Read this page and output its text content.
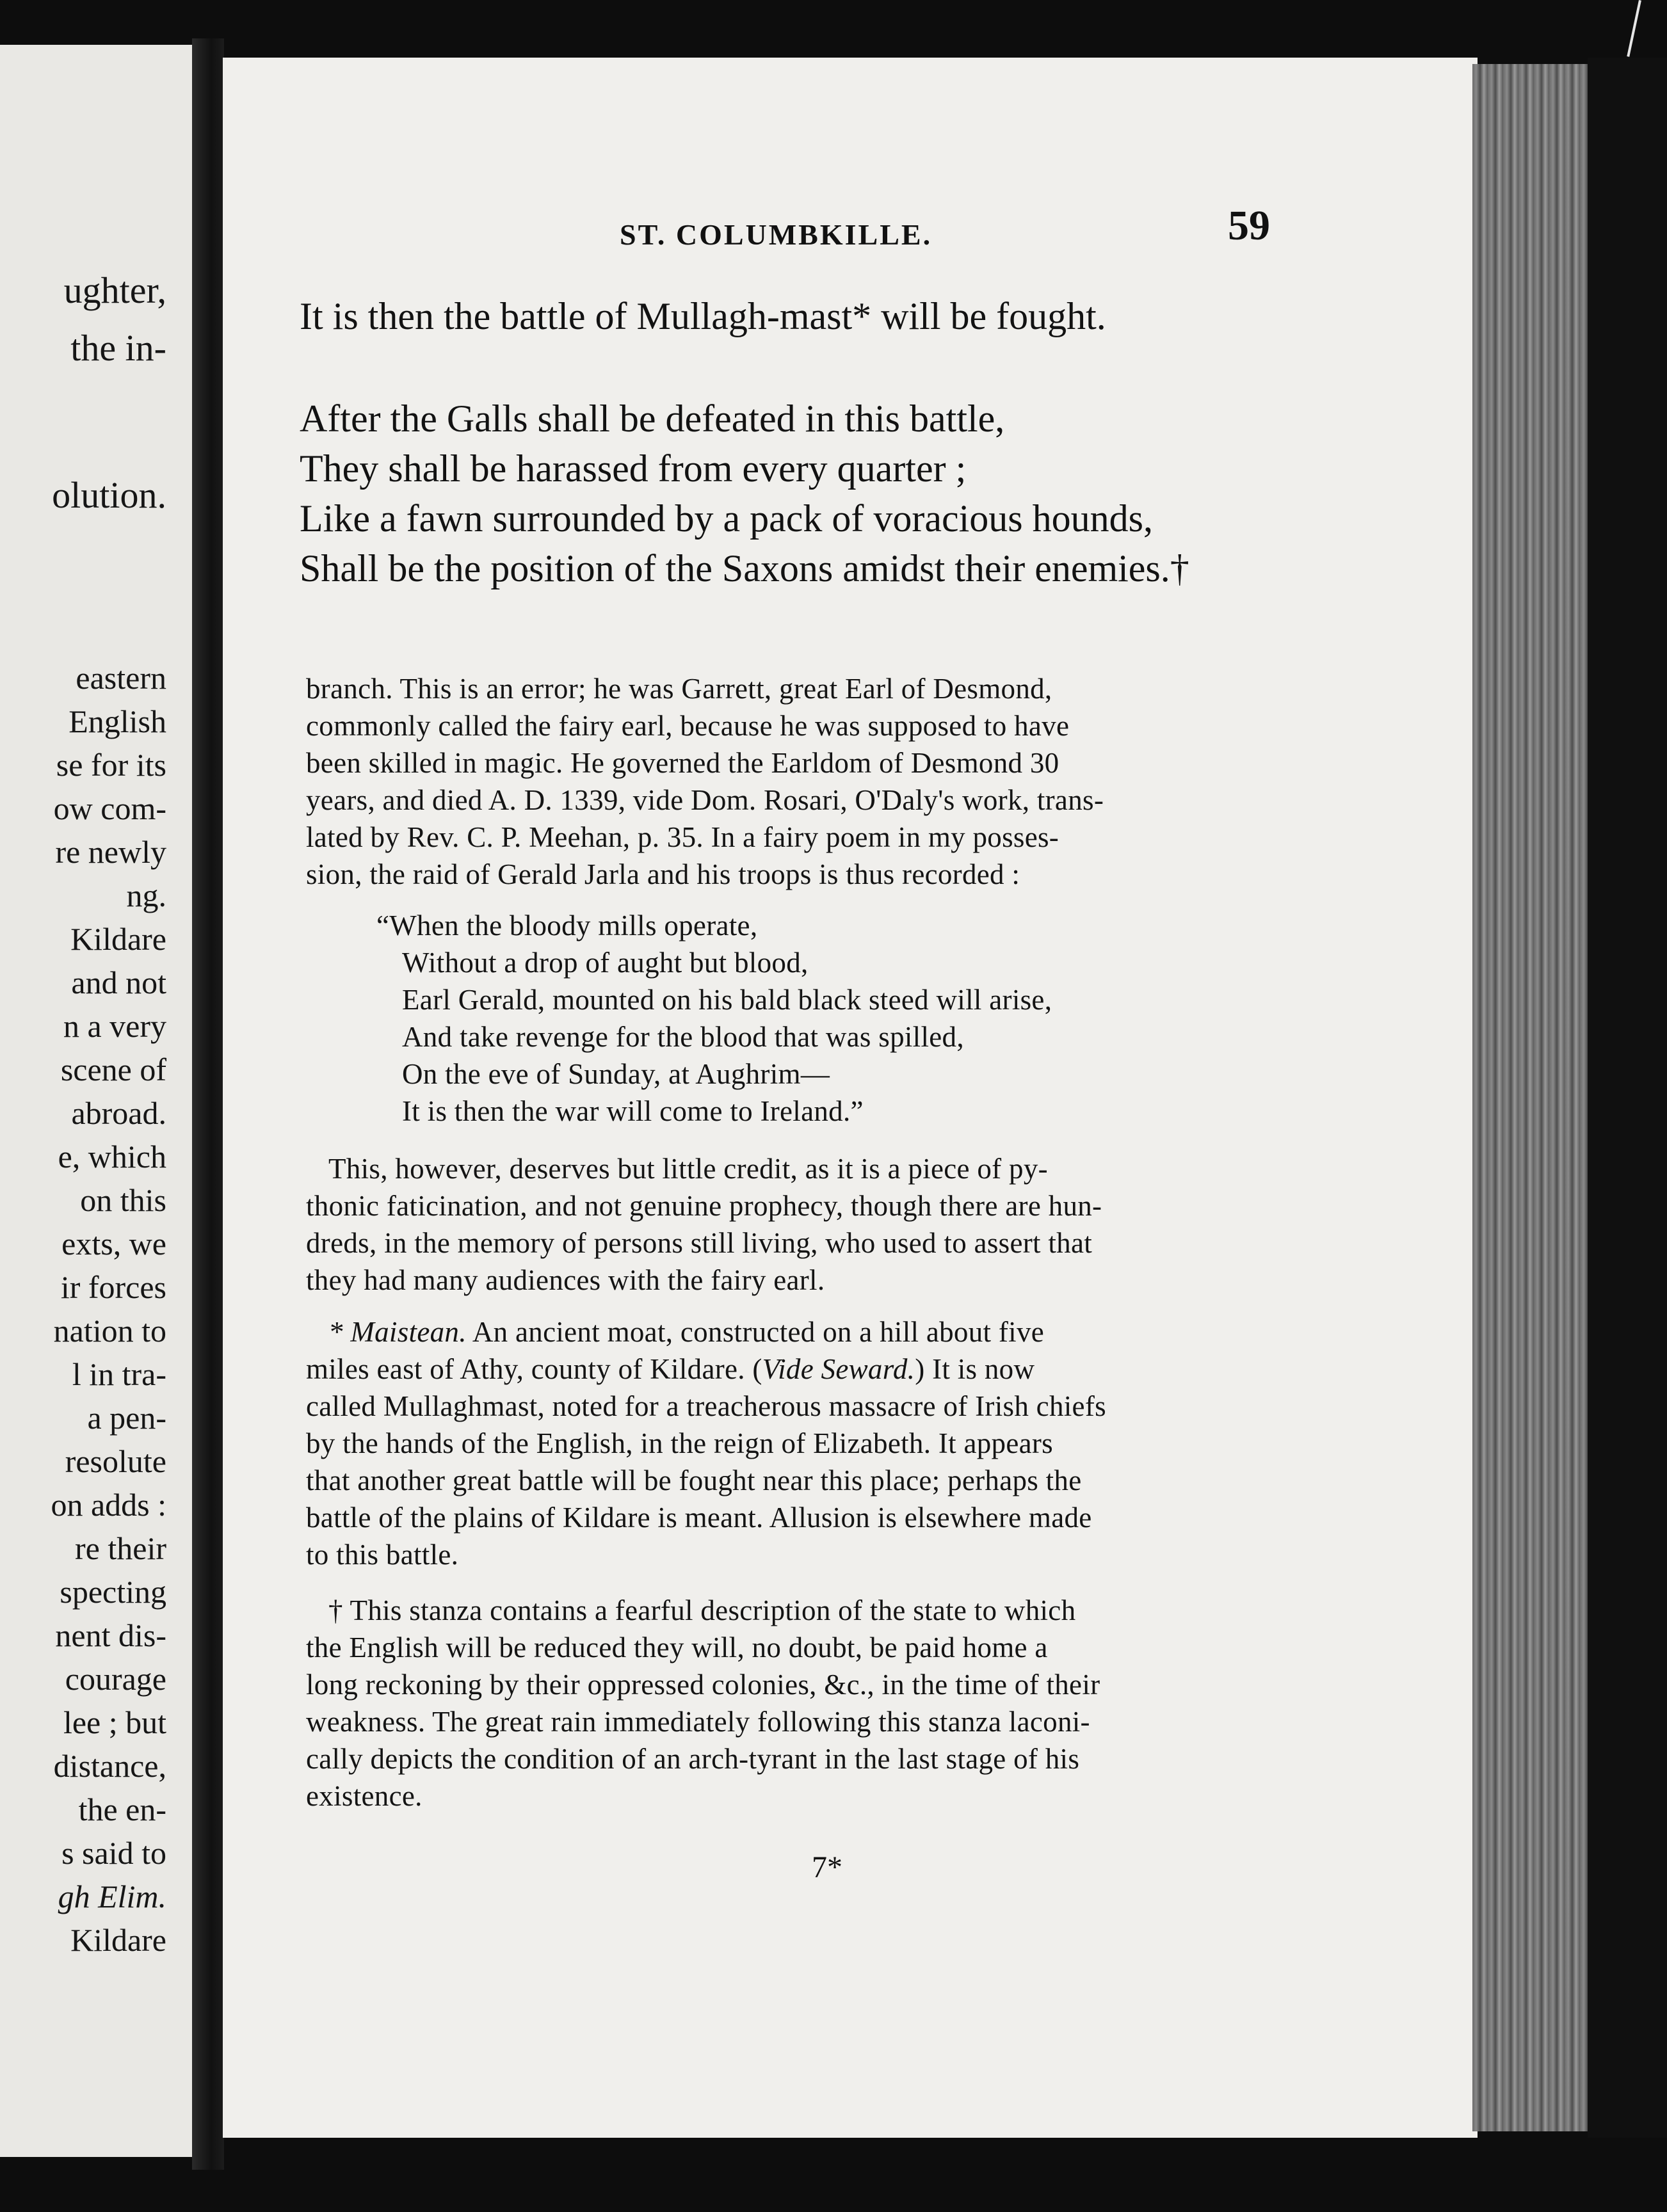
ughter,
the in-
olution.
eastern
English
se for its
ow com-
re newly
ng.
Kildare
and not
n a very
scene of
abroad.
e, which
on this
exts, we
ir forces
nation to
l in tra-
a pen-
resolute
on adds :
re their
specting
nent dis-
courage
lee ; but
distance,
the en-
s said to
gh Elim.
Kildare
ST. COLUMBKILLE.	59
It is then the battle of Mullagh-mast* will be fought.
After the Galls shall be defeated in this battle,
They shall be harassed from every quarter ;
Like a fawn surrounded by a pack of voracious hounds,
Shall be the position of the Saxons amidst their enemies.†
branch. This is an error; he was Garrett, great Earl of Desmond,
commonly called the fairy earl, because he was supposed to have
been skilled in magic. He governed the Earldom of Desmond 30
years, and died A. D. 1339, vide Dom. Rosari, O'Daly's work, trans-
lated by Rev. C. P. Meehan, p. 35. In a fairy poem in my posses-
sion, the raid of Gerald Jarla and his troops is thus recorded :
“When the bloody mills operate,
Without a drop of aught but blood,
Earl Gerald, mounted on his bald black steed will arise,
And take revenge for the blood that was spilled,
On the eve of Sunday, at Aughrim—
It is then the war will come to Ireland.”
This, however, deserves but little credit, as it is a piece of py-
thonic faticination, and not genuine prophecy, though there are hun-
dreds, in the memory of persons still living, who used to assert that
they had many audiences with the fairy earl.
* Maistean. An ancient moat, constructed on a hill about five
miles east of Athy, county of Kildare. (Vide Seward.) It is now
called Mullaghmast, noted for a treacherous massacre of Irish chiefs
by the hands of the English, in the reign of Elizabeth. It appears
that another great battle will be fought near this place; perhaps the
battle of the plains of Kildare is meant. Allusion is elsewhere made
to this battle.
† This stanza contains a fearful description of the state to which
the English will be reduced they will, no doubt, be paid home a
long reckoning by their oppressed colonies, &c., in the time of their
weakness. The great rain immediately following this stanza laconi-
cally depicts the condition of an arch-tyrant in the last stage of his
existence.
7*
